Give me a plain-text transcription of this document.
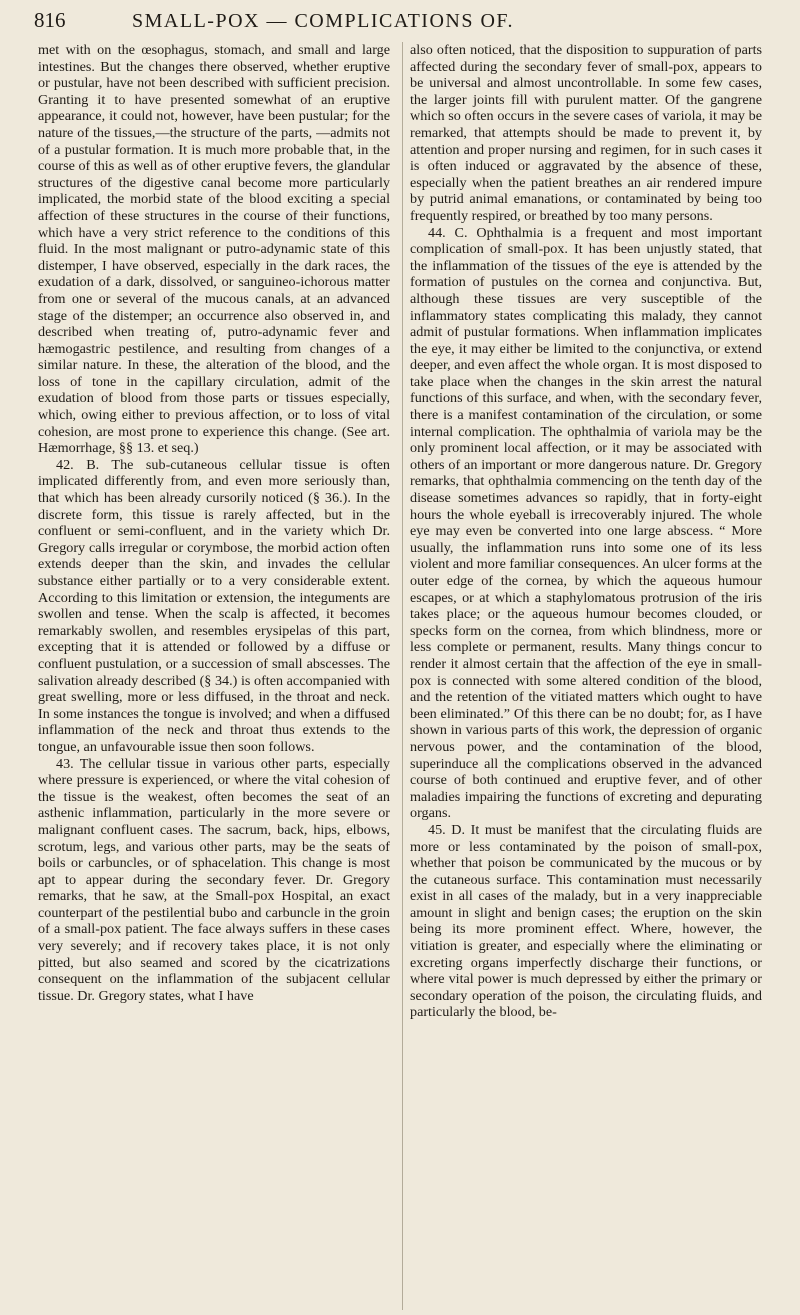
816	SMALL-POX — COMPLICATIONS OF.

met with on the œsophagus, stomach, and small and large intestines. But the changes there observed, whether eruptive or pustular, have not been described with sufficient precision. Granting it to have presented somewhat of an eruptive appearance, it could not, however, have been pustular; for the nature of the tissues,—the structure of the parts, —admits not of a pustular formation. It is much more probable that, in the course of this as well as of other eruptive fevers, the glandular structures of the digestive canal become more particularly implicated, the morbid state of the blood exciting a special affection of these structures in the course of their functions, which have a very strict reference to the conditions of this fluid. In the most malignant or putro-adynamic state of this distemper, I have observed, especially in the dark races, the exudation of a dark, dissolved, or sanguineo-ichorous matter from one or several of the mucous canals, at an advanced stage of the distemper; an occurrence also observed in, and described when treating of, putro-adynamic fever and hæmogastric pestilence, and resulting from changes of a similar nature. In these, the alteration of the blood, and the loss of tone in the capillary circulation, admit of the exudation of blood from those parts or tissues especially, which, owing either to previous affection, or to loss of vital cohesion, are most prone to experience this change. (See art. Hæmorrhage, §§ 13. et seq.)

42. B. The sub-cutaneous cellular tissue is often implicated differently from, and even more seriously than, that which has been already cursorily noticed (§ 36.). In the discrete form, this tissue is rarely affected, but in the confluent or semi-confluent, and in the variety which Dr. Gregory calls irregular or corymbose, the morbid action often extends deeper than the skin, and invades the cellular substance either partially or to a very considerable extent. According to this limitation or extension, the integuments are swollen and tense. When the scalp is affected, it becomes remarkably swollen, and resembles erysipelas of this part, excepting that it is attended or followed by a diffuse or confluent pustulation, or a succession of small abscesses. The salivation already described (§ 34.) is often accompanied with great swelling, more or less diffused, in the throat and neck. In some instances the tongue is involved; and when a diffused inflammation of the neck and throat thus extends to the tongue, an unfavourable issue then soon follows.

43. The cellular tissue in various other parts, especially where pressure is experienced, or where the vital cohesion of the tissue is the weakest, often becomes the seat of an asthenic inflammation, particularly in the more severe or malignant confluent cases. The sacrum, back, hips, elbows, scrotum, legs, and various other parts, may be the seats of boils or carbuncles, or of sphacelation. This change is most apt to appear during the secondary fever. Dr. Gregory remarks, that he saw, at the Small-pox Hospital, an exact counterpart of the pestilential bubo and carbuncle in the groin of a small-pox patient. The face always suffers in these cases very severely; and if recovery takes place, it is not only pitted, but also seamed and scored by the cicatrizations consequent on the inflammation of the subjacent cellular tissue. Dr. Gregory states, what I have

also often noticed, that the disposition to suppuration of parts affected during the secondary fever of small-pox, appears to be universal and almost uncontrollable. In some few cases, the larger joints fill with purulent matter. Of the gangrene which so often occurs in the severe cases of variola, it may be remarked, that attempts should be made to prevent it, by attention and proper nursing and regimen, for in such cases it is often induced or aggravated by the absence of these, especially when the patient breathes an air rendered impure by putrid animal emanations, or contaminated by being too frequently respired, or breathed by too many persons.

44. C. Ophthalmia is a frequent and most important complication of small-pox. It has been unjustly stated, that the inflammation of the tissues of the eye is attended by the formation of pustules on the cornea and conjunctiva. But, although these tissues are very susceptible of the inflammatory states complicating this malady, they cannot admit of pustular formations. When inflammation implicates the eye, it may either be limited to the conjunctiva, or extend deeper, and even affect the whole organ. It is most disposed to take place when the changes in the skin arrest the natural functions of this surface, and when, with the secondary fever, there is a manifest contamination of the circulation, or some internal complication. The ophthalmia of variola may be the only prominent local affection, or it may be associated with others of an important or more dangerous nature. Dr. Gregory remarks, that ophthalmia commencing on the tenth day of the disease sometimes advances so rapidly, that in forty-eight hours the whole eyeball is irrecoverably injured. The whole eye may even be converted into one large abscess. “ More usually, the inflammation runs into some one of its less violent and more familiar consequences. An ulcer forms at the outer edge of the cornea, by which the aqueous humour escapes, or at which a staphylomatous protrusion of the iris takes place; or the aqueous humour becomes clouded, or specks form on the cornea, from which blindness, more or less complete or permanent, results. Many things concur to render it almost certain that the affection of the eye in small-pox is connected with some altered condition of the blood, and the retention of the vitiated matters which ought to have been eliminated.” Of this there can be no doubt; for, as I have shown in various parts of this work, the depression of organic nervous power, and the contamination of the blood, superinduce all the complications observed in the advanced course of both continued and eruptive fever, and of other maladies impairing the functions of excreting and depurating organs.

45. D. It must be manifest that the circulating fluids are more or less contaminated by the poison of small-pox, whether that poison be communicated by the mucous or by the cutaneous surface. This contamination must necessarily exist in all cases of the malady, but in a very inappreciable amount in slight and benign cases; the eruption on the skin being its more prominent effect. Where, however, the vitiation is greater, and especially where the eliminating or excreting organs imperfectly discharge their functions, or where vital power is much depressed by either the primary or secondary operation of the poison, the circulating fluids, and particularly the blood, be-
